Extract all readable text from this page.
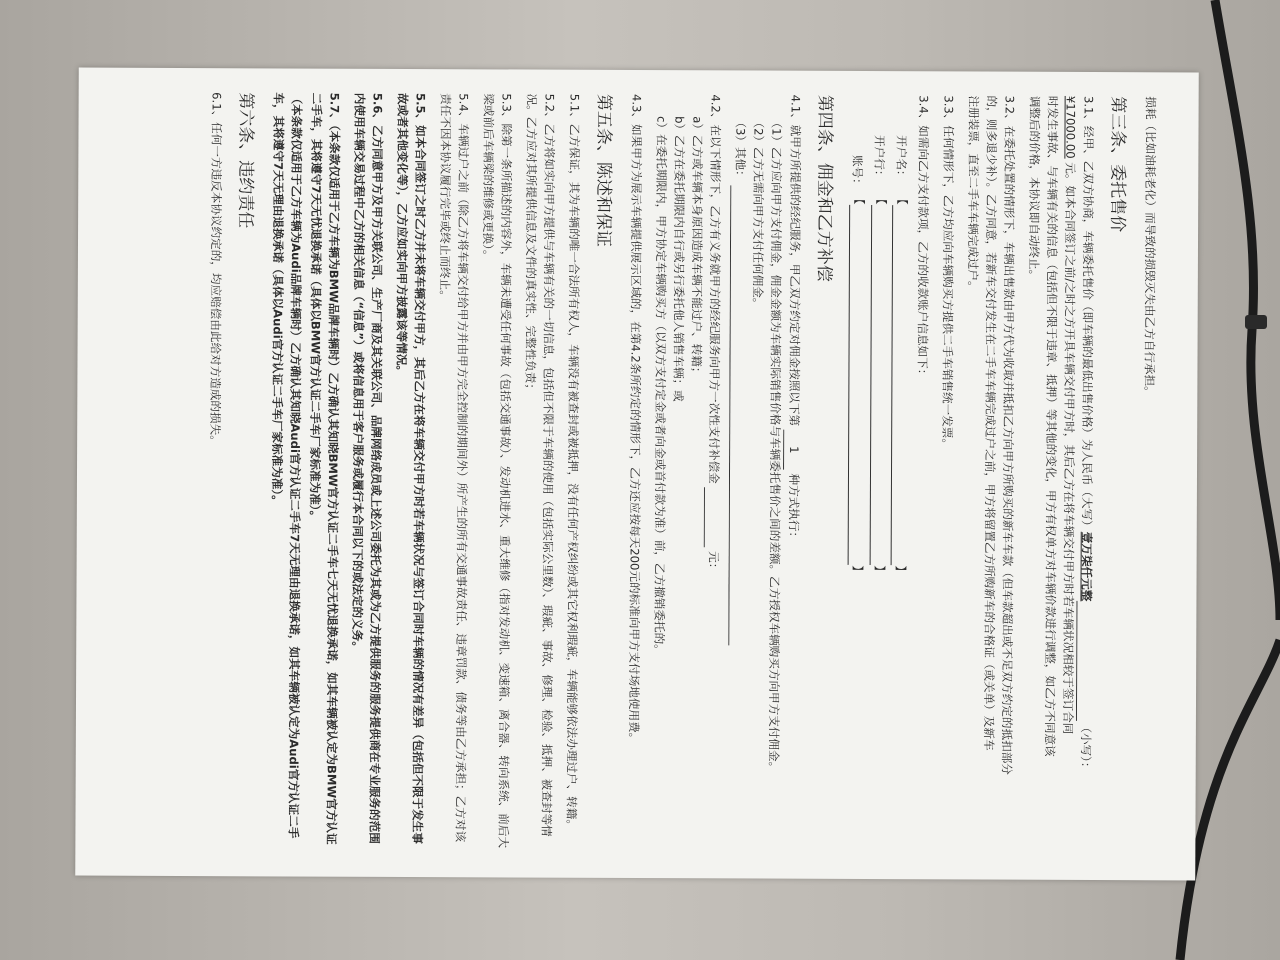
损耗（比如油耗老化）而导致的损毁灭失由乙方自行承担。

第三条、委托售价
3.1、经甲、乙双方协商，车辆委托售价（即车辆的最低出售价格）为人民币（大写）壹万柒仟元整（小写）：
¥17000.00 元。如本合同签订之前/之时之方开具车辆交付甲方时，其后乙方在将车辆交付甲方时若车辆状况相较于签订合同
时发生事故、与车辆有关的信息（包括但不限于违章、抵押）等其他的变化，甲方有权单方对车辆价款进行调整，如乙方不同意该

调整后的价格，本协议即自动终止。

3.2、在委托处置的情形下，车辆出售款由甲方代为收取并抵扣乙方向甲方所购买的新车车款（但车款超出或不足双方约定的抵扣部分
的，则多退少补）。乙方同意，若新车交付发生在二手车车辆完成过户之前，甲方将留置乙方所购新车的合格证（或关单）及新车

注册装票，直至二手车车辆完成过户。

3.3、任何情形下，乙方均应向车辆购买方提供二手车销售统一发票。

3.4、如需向乙方支付款项，乙方的收款账户信息如下：
开户名：
【 】
开户行：
【 】
账号：
【 】
第四条、佣金和乙方补偿
4.1、就甲方所提供的经纪服务，甲乙双方约定对佣金按照以下第 1 种方式执行：
（1）乙方应向甲方支付佣金，佣金金额为车辆实际销售价格与车辆委托售价之间的差额。乙方授权车辆购买方向甲方支付佣金。
（2）乙方无需向甲方支付任何佣金。

（3）其他：

4.2、在以下情形下，乙方有义务就甲方的经纪服务向甲方一次性支付补偿金  元：
a）乙方或车辆本身原因造成车辆不能过户、转籍；
b）乙方在委托期限内自行或另行委托他人销售车辆；或

c）在委托期限内，甲方协定车辆购买方（以双方支付定金或者向金或首付款为准）前，乙方撤销委托的。

4.3、如果甲方为展示车辆提供展示区域的，在第4.2条所约定的情形下，乙方还应按每天200元的标准向甲方支付场地使用费。

第五条、陈述和保证

5.1、乙方保证，其为车辆的唯一合法所有权人，车辆没有被查封或被抵押，没有任何产权纠纷或其它权利瑕疵，车辆能够依法办理过户、转籍。

5.2、乙方将如实向甲方提供与车辆有关的一切信息，包括但不限于车辆的使用（包括实际公里数）、瑕疵、事故、修理、检验、抵押、被查封等情况。乙方应对其所提供信息及文件的真实性、完整性负责；

5.3、除第一条所描述的内容外，车辆未遭受任何事故（包括交通事故）、发动机进水、重大维修（指对发动机、变速箱、离合器、转向系统、前后大梁或前后车辆梁的维修或更换）。

5.4、车辆过户之前（除乙方将车辆交付给甲方并由甲方完全控制的期间外）所产生的所有交通事故责任、违章罚款、债务等由乙方承担；乙方对该责任不因本协议履行完毕或终止而终止。

5.5、如本合同签订之时乙方并未将车辆交付甲方，其后乙方在将车辆交付甲方时若车辆状况与签订合同时车辆的情况有差异（包括但不限于发生事故或者其他变化等），乙方应如实向甲方披露该等情况。

5.6、乙方同意甲方及甲方关联公司、生产厂商及其关联公司、品牌网络成员或上述公司委托为其或为乙方提供服务的服务提供商在专业服务的范围内使用车辆交易过程中乙方的相关信息（“信息”）或将信息用于客户服务或履行本合同以下的或法定的义务。

5.7、（本条款仅适用于乙方车辆为BMW品牌车辆时）乙方确认其知晓BMW官方认证二手车七天无忧退换承诺，如其车辆被认定为BMW官方认证二手车，其将遵守7天无忧退换承诺（具体以BMW官方认证二手车厂家标准为准）。

（本条款仅适用于乙方车辆为Audi品牌车辆时）乙方确认其知晓Audi官方认证二手车7天无理由退换承诺，如其车辆被认定为Audi官方认证二手车，其将遵守7天无理由退换承诺（具体以Audi官方认证二手车厂家标准为准）。

第六条、违约责任

6.1、任何一方违反本协议约定的，均应赔偿由此给对方造成的损失。
